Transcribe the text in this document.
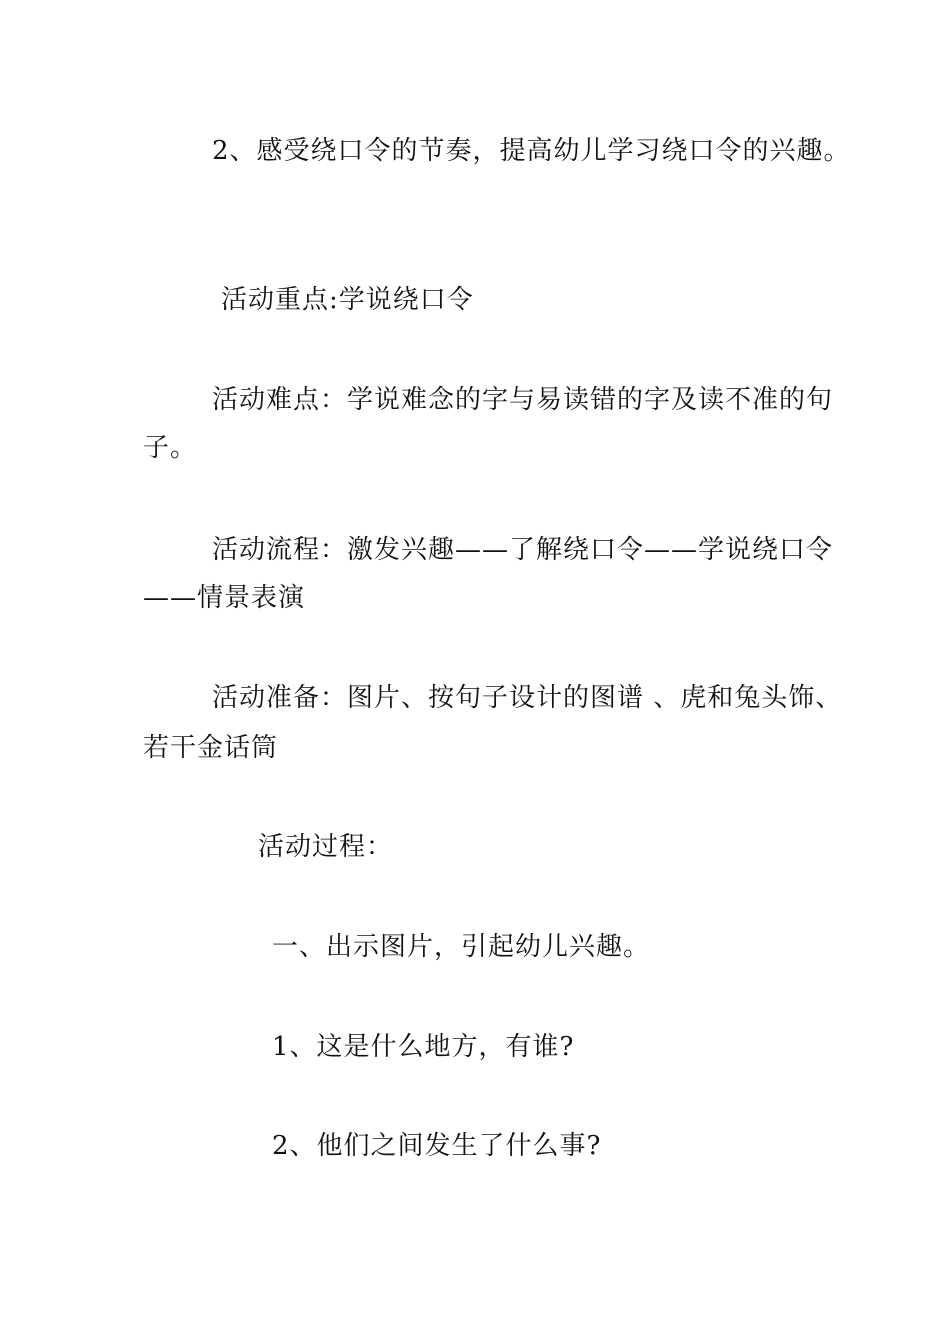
2、感受绕口令的节奏，提高幼儿学习绕口令的兴趣。
活动重点:学说绕口令
活动难点：学说难念的字与易读错的字及读不准的句
子。
活动流程：激发兴趣——了解绕口令——学说绕口令
——情景表演
活动准备：图片、按句子设计的图谱 、虎和兔头饰、
若干金话筒
活动过程：
一、出示图片，引起幼儿兴趣。
1、这是什么地方，有谁?
2、他们之间发生了什么事?
